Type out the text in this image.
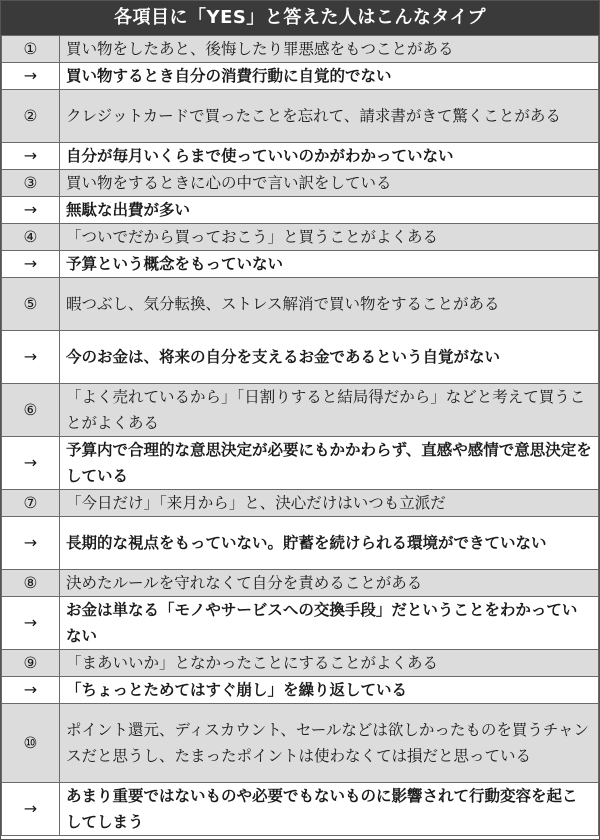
各項目に「YES」と答えた人はこんなタイプ
①	買い物をしたあと、後悔したり罪悪感をもつことがある
→	買い物するとき自分の消費行動に自覚的でない
②	クレジットカードで買ったことを忘れて、請求書がきて驚くことがある
→	自分が毎月いくらまで使っていいのかがわかっていない
③	買い物をするときに心の中で言い訳をしている
→	無駄な出費が多い
④	「ついでだから買っておこう」と買うことがよくある
→	予算という概念をもっていない
⑤	暇つぶし、気分転換、ストレス解消で買い物をすることがある
→	今のお金は、将来の自分を支えるお金であるという自覚がない
⑥	「よく売れているから」「日割りすると結局得だから」などと考えて買うことがよくある
→	予算内で合理的な意思決定が必要にもかかわらず、直感や感情で意思決定をしている
⑦	「今日だけ」「来月から」と、決心だけはいつも立派だ
→	長期的な視点をもっていない。貯蓄を続けられる環境ができていない
⑧	決めたルールを守れなくて自分を責めることがある
→	お金は単なる「モノやサービスへの交換手段」だということをわかっていない
⑨	「まあいいか」となかったことにすることがよくある
→	「ちょっとためてはすぐ崩し」を繰り返している
⑩	ポイント還元、ディスカウント、セールなどは欲しかったものを買うチャンスだと思うし、たまったポイントは使わなくては損だと思っている
→	あまり重要ではないものや必要でもないものに影響されて行動変容を起こしてしまう
